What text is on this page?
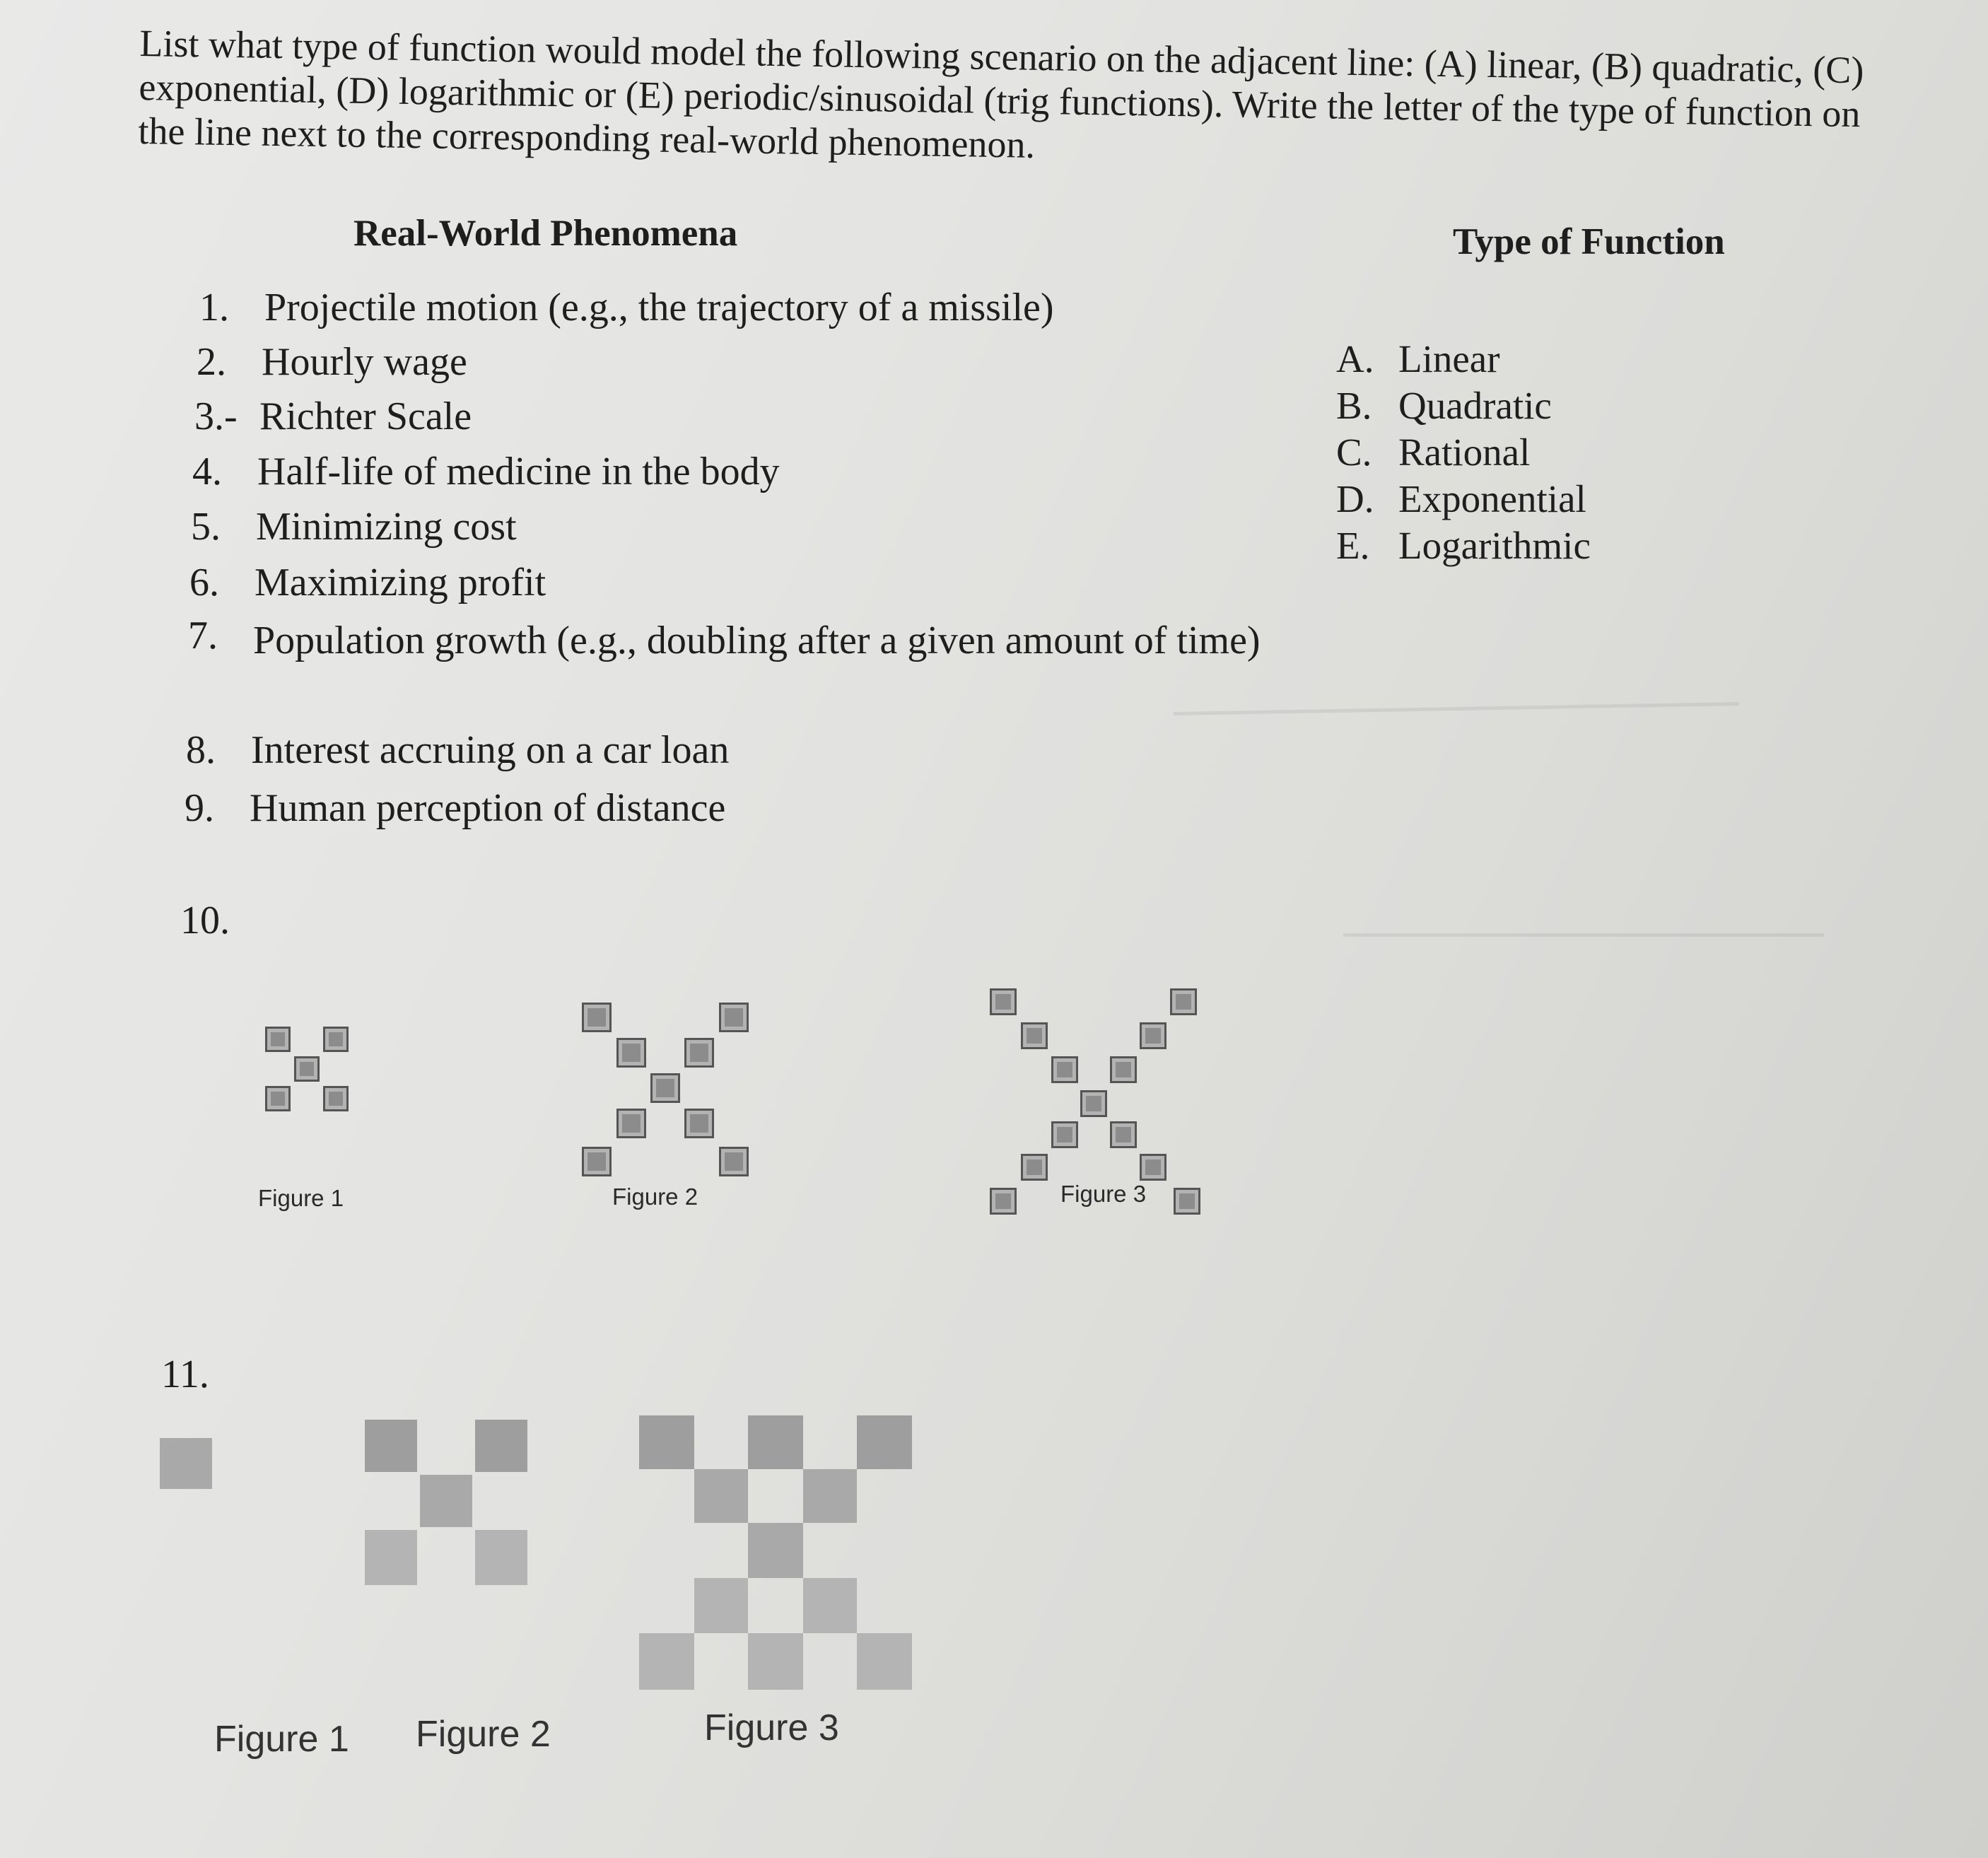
List what type of function would model the following scenario on the adjacent line: (A) linear, (B) quadratic, (C) exponential, (D) logarithmic or (E) periodic/sinusoidal (trig functions). Write the letter of the type of function on the line next to the corresponding real-world phenomenon.

Real-World Phenomena	Type of Function
1. Projectile motion (e.g., the trajectory of a missile)
2. Hourly wage
3.- Richter Scale
4. Half-life of medicine in the body
5. Minimizing cost
6. Maximizing profit
7. Population growth (e.g., doubling after a given amount of time)
8. Interest accruing on a car loan
9. Human perception of distance
A. Linear
B. Quadratic
C. Rational
D. Exponential
E. Logarithmic
10.
Figure 1	Figure 2	Figure 3
11.
Figure 1 Figure 2	Figure 3
